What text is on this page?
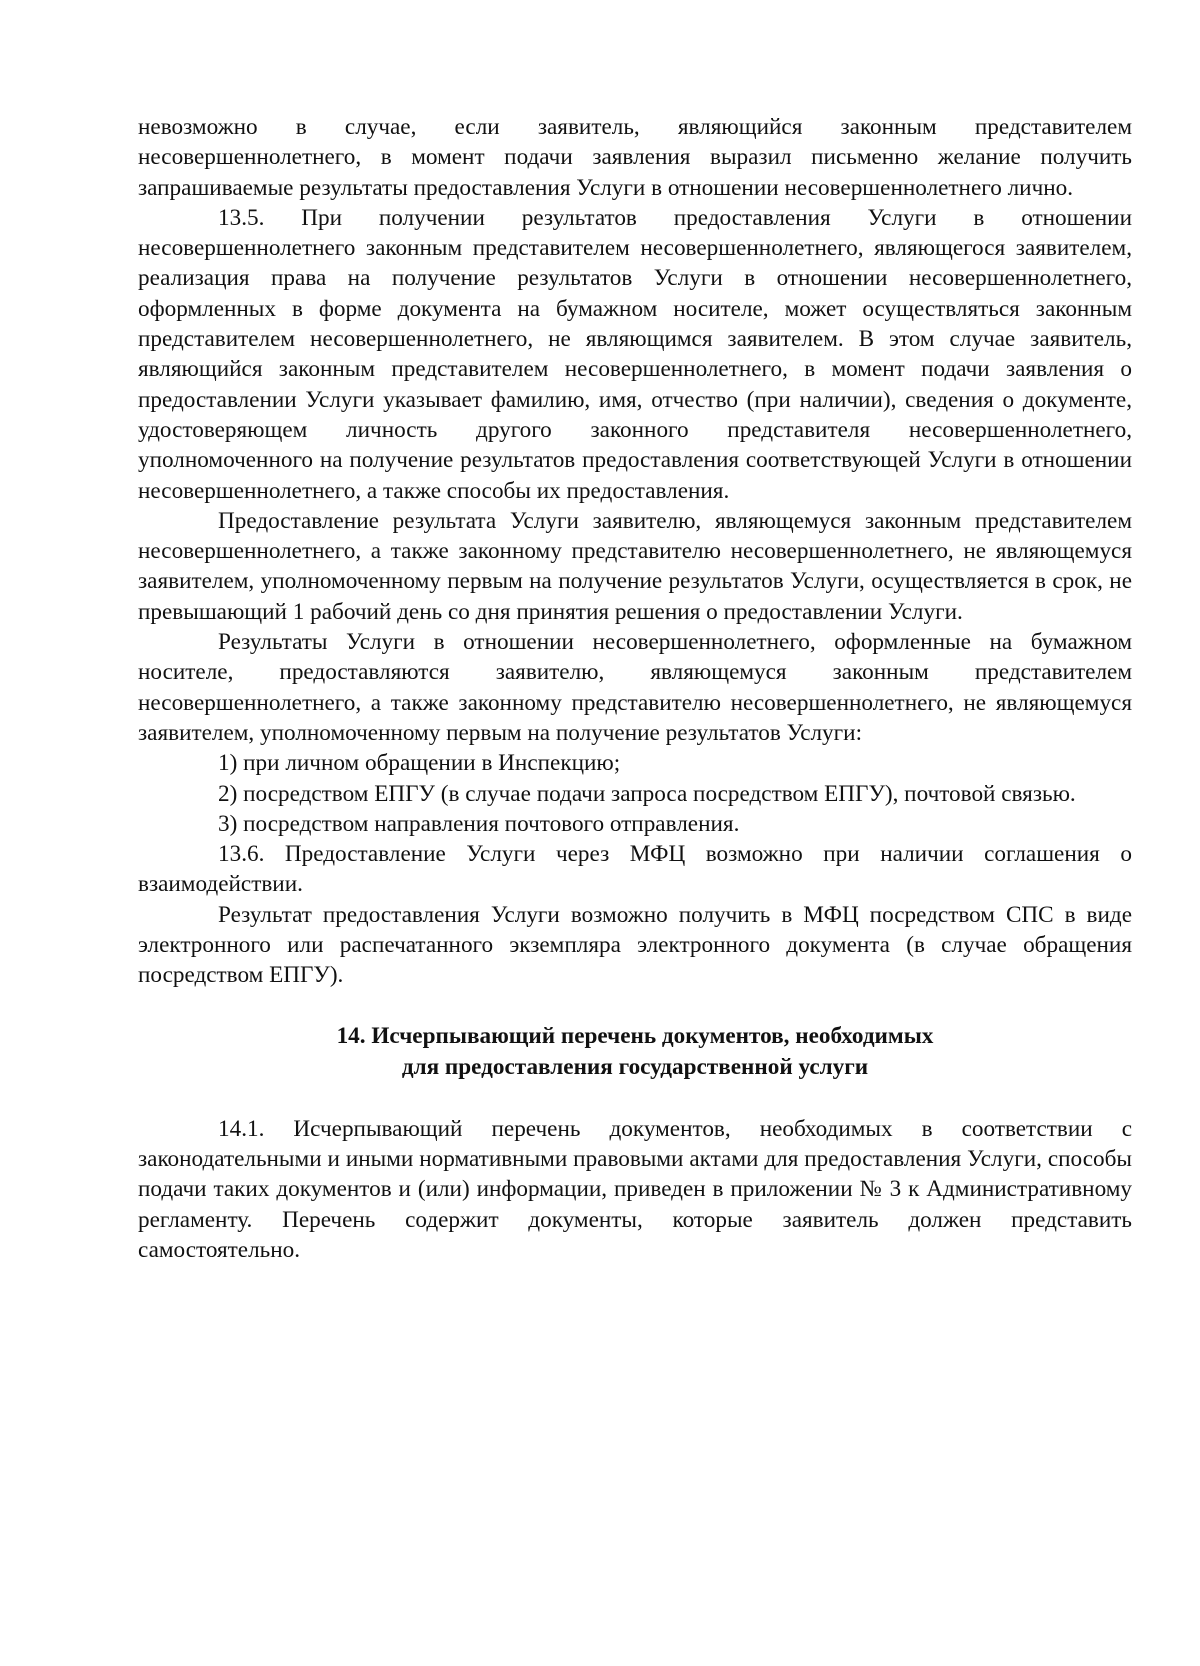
невозможно в случае, если заявитель, являющийся законным представителем несовершеннолетнего, в момент подачи заявления выразил письменно желание получить запрашиваемые результаты предоставления Услуги в отношении несовершеннолетнего лично.

13.5. При получении результатов предоставления Услуги в отношении несовершеннолетнего законным представителем несовершеннолетнего, являющегося заявителем, реализация права на получение результатов Услуги в отношении несовершеннолетнего, оформленных в форме документа на бумажном носителе, может осуществляться законным представителем несовершеннолетнего, не являющимся заявителем. В этом случае заявитель, являющийся законным представителем несовершеннолетнего, в момент подачи заявления о предоставлении Услуги указывает фамилию, имя, отчество (при наличии), сведения о документе, удостоверяющем личность другого законного представителя несовершеннолетнего, уполномоченного на получение результатов предоставления соответствующей Услуги в отношении несовершеннолетнего, а также способы их предоставления.

Предоставление результата Услуги заявителю, являющемуся законным представителем несовершеннолетнего, а также законному представителю несовершеннолетнего, не являющемуся заявителем, уполномоченному первым на получение результатов Услуги, осуществляется в срок, не превышающий 1 рабочий день со дня принятия решения о предоставлении Услуги.

Результаты Услуги в отношении несовершеннолетнего, оформленные на бумажном носителе, предоставляются заявителю, являющемуся законным представителем несовершеннолетнего, а также законному представителю несовершеннолетнего, не являющемуся заявителем, уполномоченному первым на получение результатов Услуги:

1) при личном обращении в Инспекцию;

2) посредством ЕПГУ (в случае подачи запроса посредством ЕПГУ), почтовой связью.

3) посредством направления почтового отправления.

13.6. Предоставление Услуги через МФЦ возможно при наличии соглашения о взаимодействии.

Результат предоставления Услуги возможно получить в МФЦ посредством СПС в виде электронного или распечатанного экземпляра электронного документа (в случае обращения посредством ЕПГУ).

14. Исчерпывающий перечень документов, необходимых
для предоставления государственной услуги

14.1. Исчерпывающий перечень документов, необходимых в соответствии с законодательными и иными нормативными правовыми актами для предоставления Услуги, способы подачи таких документов и (или) информации, приведен в приложении № 3 к Административному регламенту. Перечень содержит документы, которые заявитель должен представить самостоятельно.
